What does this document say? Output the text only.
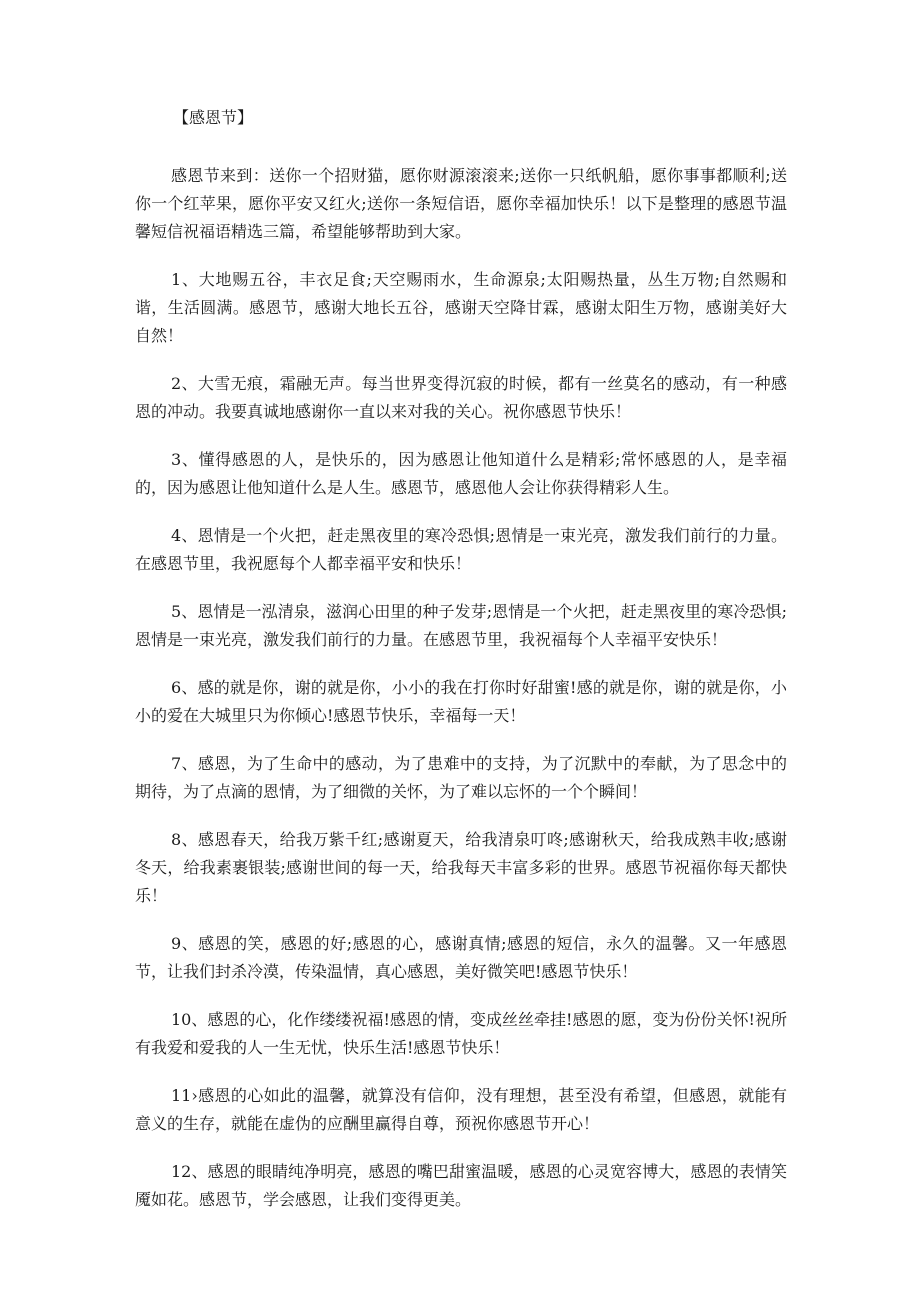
【感恩节】

感恩节来到：送你一个招财猫，愿你财源滚滚来;送你一只纸帆船，愿你事事都顺利;送你一个红苹果，愿你平安又红火;送你一条短信语，愿你幸福加快乐！以下是整理的感恩节温馨短信祝福语精选三篇，希望能够帮助到大家。

1、大地赐五谷，丰衣足食;天空赐雨水，生命源泉;太阳赐热量，丛生万物;自然赐和谐，生活圆满。感恩节，感谢大地长五谷，感谢天空降甘霖，感谢太阳生万物，感谢美好大自然！

2、大雪无痕，霜融无声。每当世界变得沉寂的时候，都有一丝莫名的感动，有一种感恩的冲动。我要真诚地感谢你一直以来对我的关心。祝你感恩节快乐！

3、懂得感恩的人，是快乐的，因为感恩让他知道什么是精彩;常怀感恩的人，是幸福的，因为感恩让他知道什么是人生。感恩节，感恩他人会让你获得精彩人生。

4、恩情是一个火把，赶走黑夜里的寒冷恐惧;恩情是一束光亮，激发我们前行的力量。在感恩节里，我祝愿每个人都幸福平安和快乐！

5、恩情是一泓清泉，滋润心田里的种子发芽;恩情是一个火把，赶走黑夜里的寒冷恐惧;恩情是一束光亮，激发我们前行的力量。在感恩节里，我祝福每个人幸福平安快乐！

6、感的就是你，谢的就是你，小小的我在打你时好甜蜜!感的就是你，谢的就是你，小小的爱在大城里只为你倾心!感恩节快乐，幸福每一天！

7、感恩，为了生命中的感动，为了患难中的支持，为了沉默中的奉献，为了思念中的期待，为了点滴的恩情，为了细微的关怀，为了难以忘怀的一个个瞬间！

8、感恩春天，给我万紫千红;感谢夏天，给我清泉叮咚;感谢秋天，给我成熟丰收;感谢冬天，给我素裹银装;感谢世间的每一天，给我每天丰富多彩的世界。感恩节祝福你每天都快乐！

9、感恩的笑，感恩的好;感恩的心，感谢真情;感恩的短信，永久的温馨。又一年感恩节，让我们封杀冷漠，传染温情，真心感恩，美好微笑吧!感恩节快乐！

10、感恩的心，化作缕缕祝福!感恩的情，变成丝丝牵挂!感恩的愿，变为份份关怀!祝所有我爱和爱我的人一生无忧，快乐生活!感恩节快乐！

11›感恩的心如此的温馨，就算没有信仰，没有理想，甚至没有希望，但感恩，就能有意义的生存，就能在虚伪的应酬里赢得自尊，预祝你感恩节开心！

12、感恩的眼睛纯净明亮，感恩的嘴巴甜蜜温暖，感恩的心灵宽容博大，感恩的表情笑魇如花。感恩节，学会感恩，让我们变得更美。
